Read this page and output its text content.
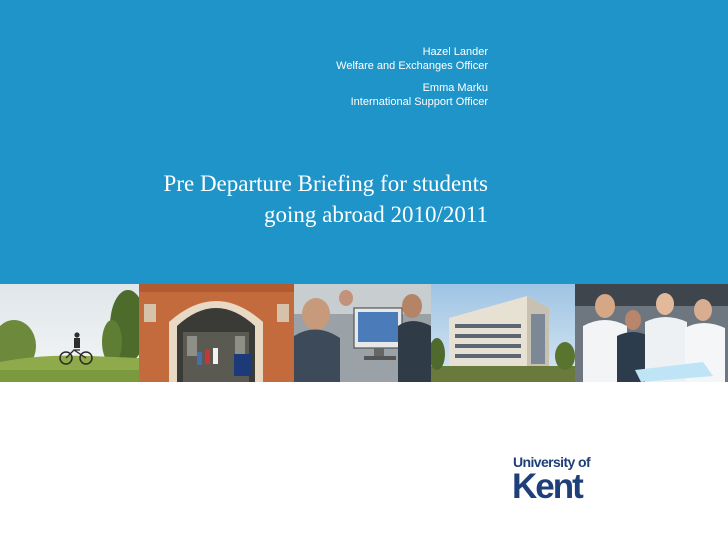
Hazel Lander
Welfare and Exchanges Officer
Emma Marku
International Support Officer
Pre Departure Briefing for students
going abroad 2010/2011
University of
Kent
